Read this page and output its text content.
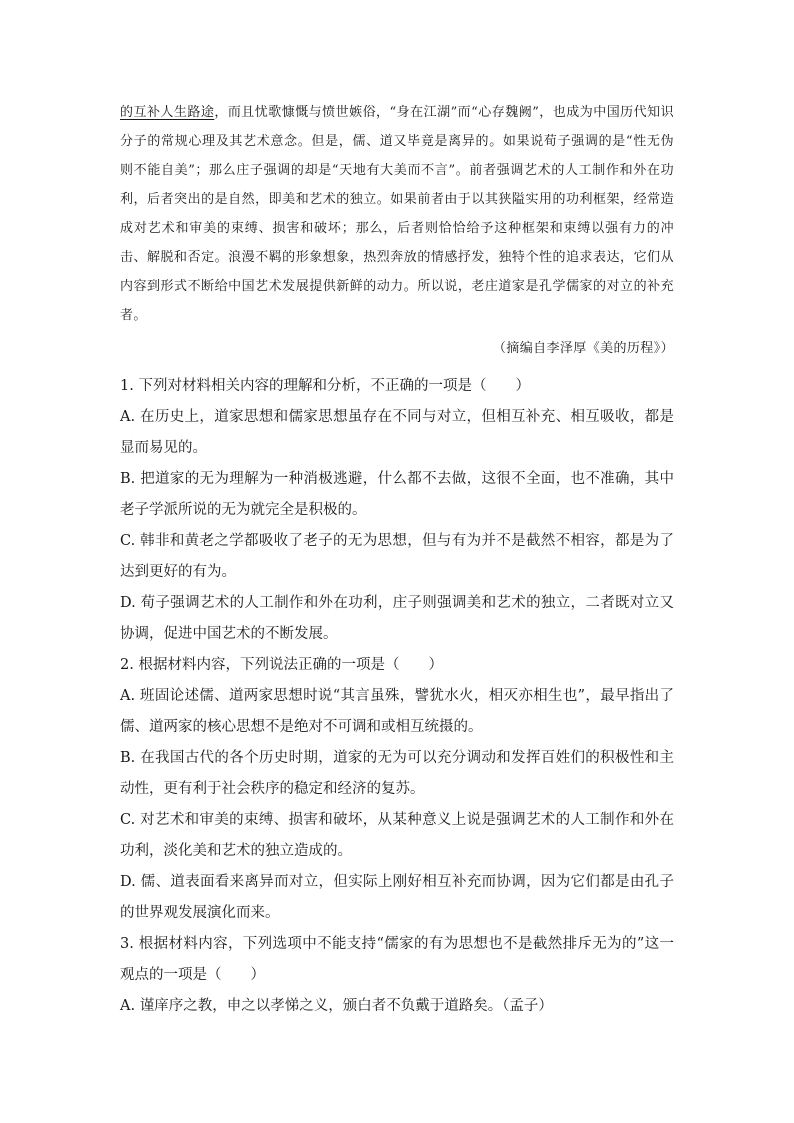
的互补人生路途，而且忧歌慷慨与愤世嫉俗，“身在江湖”而“心存魏阙”，也成为中国历代知识分子的常规心理及其艺术意念。但是，儒、道又毕竟是离异的。如果说荀子强调的是“性无伪则不能自美”；那么庄子强调的却是“天地有大美而不言”。前者强调艺术的人工制作和外在功利，后者突出的是自然，即美和艺术的独立。如果前者由于以其狭隘实用的功利框架，经常造成对艺术和审美的束缚、损害和破坏；那么，后者则恰恰给予这种框架和束缚以强有力的冲击、解脱和否定。浪漫不羁的形象想象，热烈奔放的情感抒发，独特个性的追求表达，它们从内容到形式不断给中国艺术发展提供新鲜的动力。所以说，老庄道家是孔学儒家的对立的补充者。

（摘编自李泽厚《美的历程》）

1. 下列对材料相关内容的理解和分析，不正确的一项是（　　）

A. 在历史上，道家思想和儒家思想虽存在不同与对立，但相互补充、相互吸收，都是显而易见的。

B. 把道家的无为理解为一种消极逃避，什么都不去做，这很不全面，也不准确，其中老子学派所说的无为就完全是积极的。

C. 韩非和黄老之学都吸收了老子的无为思想，但与有为并不是截然不相容，都是为了达到更好的有为。

D. 荀子强调艺术的人工制作和外在功利，庄子则强调美和艺术的独立，二者既对立又协调，促进中国艺术的不断发展。

2. 根据材料内容，下列说法正确的一项是（　　）

A. 班固论述儒、道两家思想时说“其言虽殊，譬犹水火，相灭亦相生也”，最早指出了儒、道两家的核心思想不是绝对不可调和或相互统摄的。

B. 在我国古代的各个历史时期，道家的无为可以充分调动和发挥百姓们的积极性和主动性，更有利于社会秩序的稳定和经济的复苏。

C. 对艺术和审美的束缚、损害和破坏，从某种意义上说是强调艺术的人工制作和外在功利，淡化美和艺术的独立造成的。

D. 儒、道表面看来离异而对立，但实际上刚好相互补充而协调，因为它们都是由孔子的世界观发展演化而来。

3. 根据材料内容，下列选项中不能支持“儒家的有为思想也不是截然排斥无为的”这一观点的一项是（　　）

A. 谨庠序之教，申之以孝悌之义，颁白者不负戴于道路矣。（孟子）
